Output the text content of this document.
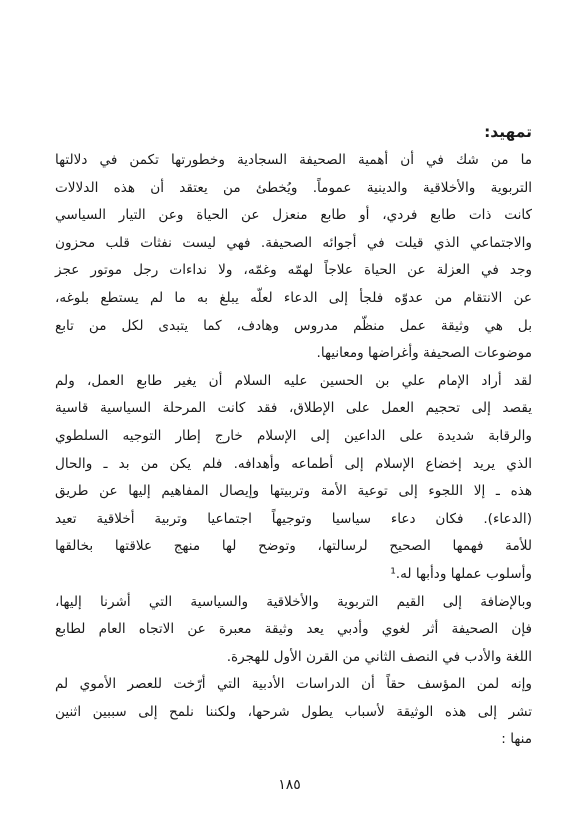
تمهيد:
ما من شك في أن أهمية الصحيفة السجادية وخطورتها تكمن في دلالتها
التربوية والأخلاقية والدينية عموماً. ويُخطئ من يعتقد أن هذه الدلالات
كانت ذات طابع فردي، أو طابع منعزل عن الحياة وعن التيار السياسي
والاجتماعي الذي قيلت في أجوائه الصحيفة. فهي ليست نفثات قلب محزون
وجد في العزلة عن الحياة علاجاً لهمّه وغمّه، ولا نداءات رجل موتور عجز
عن الانتقام من عدوّه فلجأ إلى الدعاء لعلّه يبلغ به ما لم يستطع بلوغه،
بل هي وثيقة عمل منظّم مدروس وهادف، كما يتبدى لكل من تابع
موضوعات الصحيفة وأغراضها ومعانيها.
لقد أراد الإمام علي بن الحسين عليه السلام أن يغير طابع العمل، ولم
يقصد إلى تحجيم العمل على الإطلاق، فقد كانت المرحلة السياسية قاسية
والرقابة شديدة على الداعين إلى الإسلام خارج إطار التوجيه السلطوي
الذي يريد إخضاع الإسلام إلى أطماعه وأهدافه. فلم يكن من بد ـ والحال
هذه ـ إلا اللجوء إلى توعية الأمة وتربيتها وإيصال المفاهيم إليها عن طريق
(الدعاء). فكان دعاء سياسيا وتوجيهاً اجتماعيا وتربية أخلاقية تعيد
للأمة فهمها الصحيح لرسالتها، وتوضح لها منهج علاقتها بخالقها
وأسلوب عملها ودأبها له.¹
وبالإضافة إلى القيم التربوية والأخلاقية والسياسية التي أشرنا إليها،
فإن الصحيفة أثر لغوي وأدبي يعد وثيقة معبرة عن الاتجاه العام لطابع
اللغة والأدب في النصف الثاني من القرن الأول للهجرة.
وإنه لمن المؤسف حقاً أن الدراسات الأدبية التي أرّخت للعصر الأموي لم
تشر إلى هذه الوثيقة لأسباب يطول شرحها، ولكننا نلمح إلى سببين اثنين
منها :
١٨٥
